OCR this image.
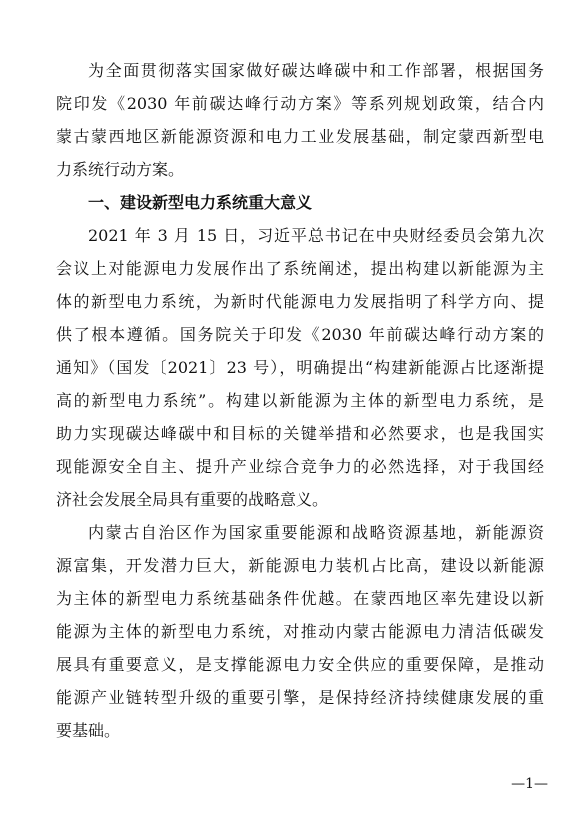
为全面贯彻落实国家做好碳达峰碳中和工作部署，根据国务
院印发《2030 年前碳达峰行动方案》等系列规划政策，结合内
蒙古蒙西地区新能源资源和电力工业发展基础，制定蒙西新型电
力系统行动方案。
一、建设新型电力系统重大意义
2021 年 3 月 15 日，习近平总书记在中央财经委员会第九次
会议上对能源电力发展作出了系统阐述，提出构建以新能源为主
体的新型电力系统，为新时代能源电力发展指明了科学方向、提
供了根本遵循。国务院关于印发《2030 年前碳达峰行动方案的
通知》（国发〔2021〕23 号），明确提出“构建新能源占比逐渐提
高的新型电力系统”。构建以新能源为主体的新型电力系统，是
助力实现碳达峰碳中和目标的关键举措和必然要求，也是我国实
现能源安全自主、提升产业综合竞争力的必然选择，对于我国经
济社会发展全局具有重要的战略意义。
内蒙古自治区作为国家重要能源和战略资源基地，新能源资
源富集，开发潜力巨大，新能源电力装机占比高，建设以新能源
为主体的新型电力系统基础条件优越。在蒙西地区率先建设以新
能源为主体的新型电力系统，对推动内蒙古能源电力清洁低碳发
展具有重要意义，是支撑能源电力安全供应的重要保障，是推动
能源产业链转型升级的重要引擎，是保持经济持续健康发展的重
要基础。
—1—
